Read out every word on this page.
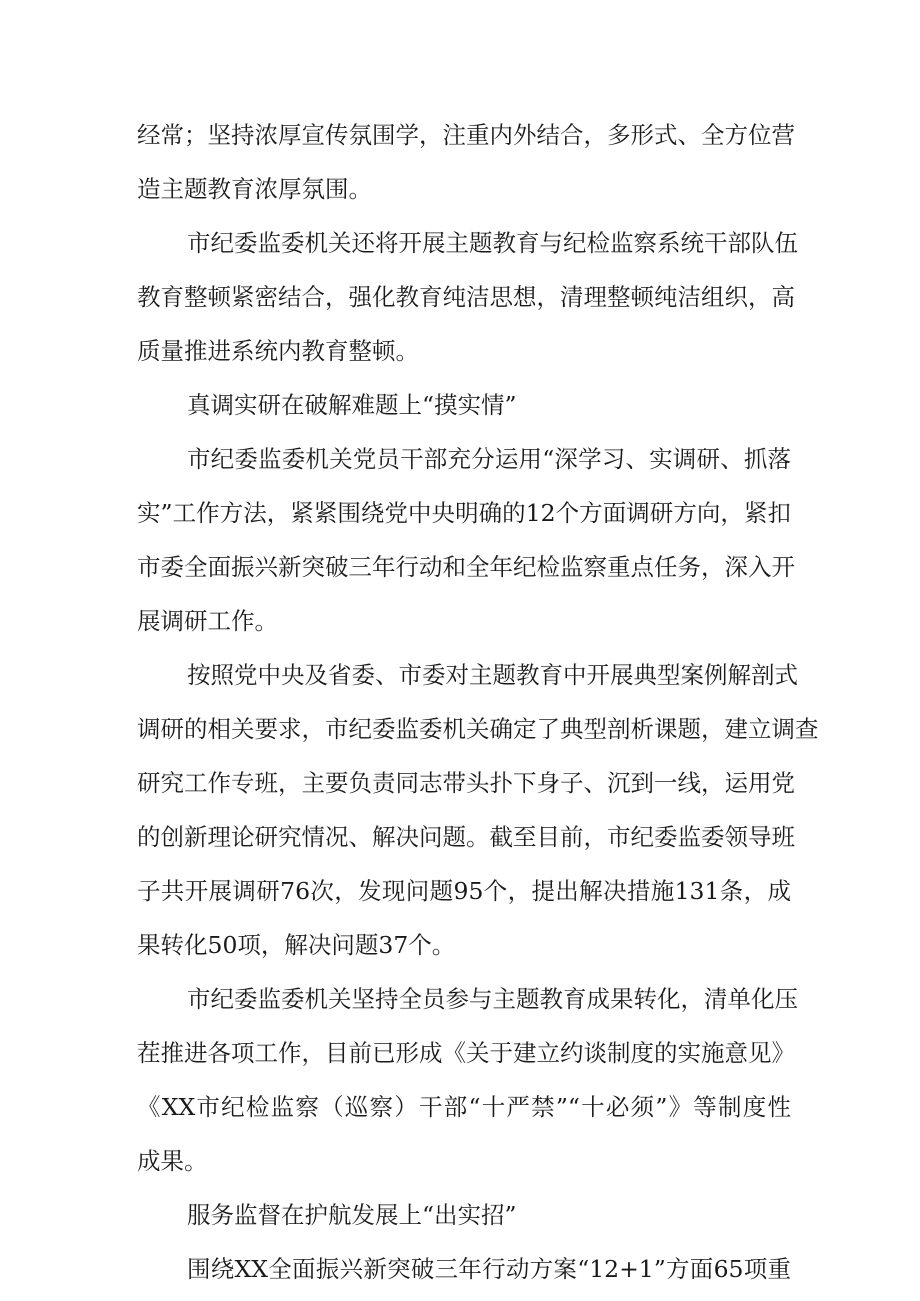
经常；坚持浓厚宣传氛围学，注重内外结合，多形式、全方位营
造主题教育浓厚氛围。
市纪委监委机关还将开展主题教育与纪检监察系统干部队伍
教育整顿紧密结合，强化教育纯洁思想，清理整顿纯洁组织，高
质量推进系统内教育整顿。
真调实研在破解难题上“摸实情”
市纪委监委机关党员干部充分运用“深学习、实调研、抓落
实”工作方法，紧紧围绕党中央明确的12个方面调研方向，紧扣
市委全面振兴新突破三年行动和全年纪检监察重点任务，深入开
展调研工作。
按照党中央及省委、市委对主题教育中开展典型案例解剖式
调研的相关要求，市纪委监委机关确定了典型剖析课题，建立调查
研究工作专班，主要负责同志带头扑下身子、沉到一线，运用党
的创新理论研究情况、解决问题。截至目前，市纪委监委领导班
子共开展调研76次，发现问题95个，提出解决措施131条，成
果转化50项，解决问题37个。
市纪委监委机关坚持全员参与主题教育成果转化，清单化压
茬推进各项工作，目前已形成《关于建立约谈制度的实施意见》
《XX市纪检监察（巡察）干部“十严禁”“十必须”》等制度性
成果。
服务监督在护航发展上“出实招”
围绕XX全面振兴新突破三年行动方案“12+1”方面65项重
